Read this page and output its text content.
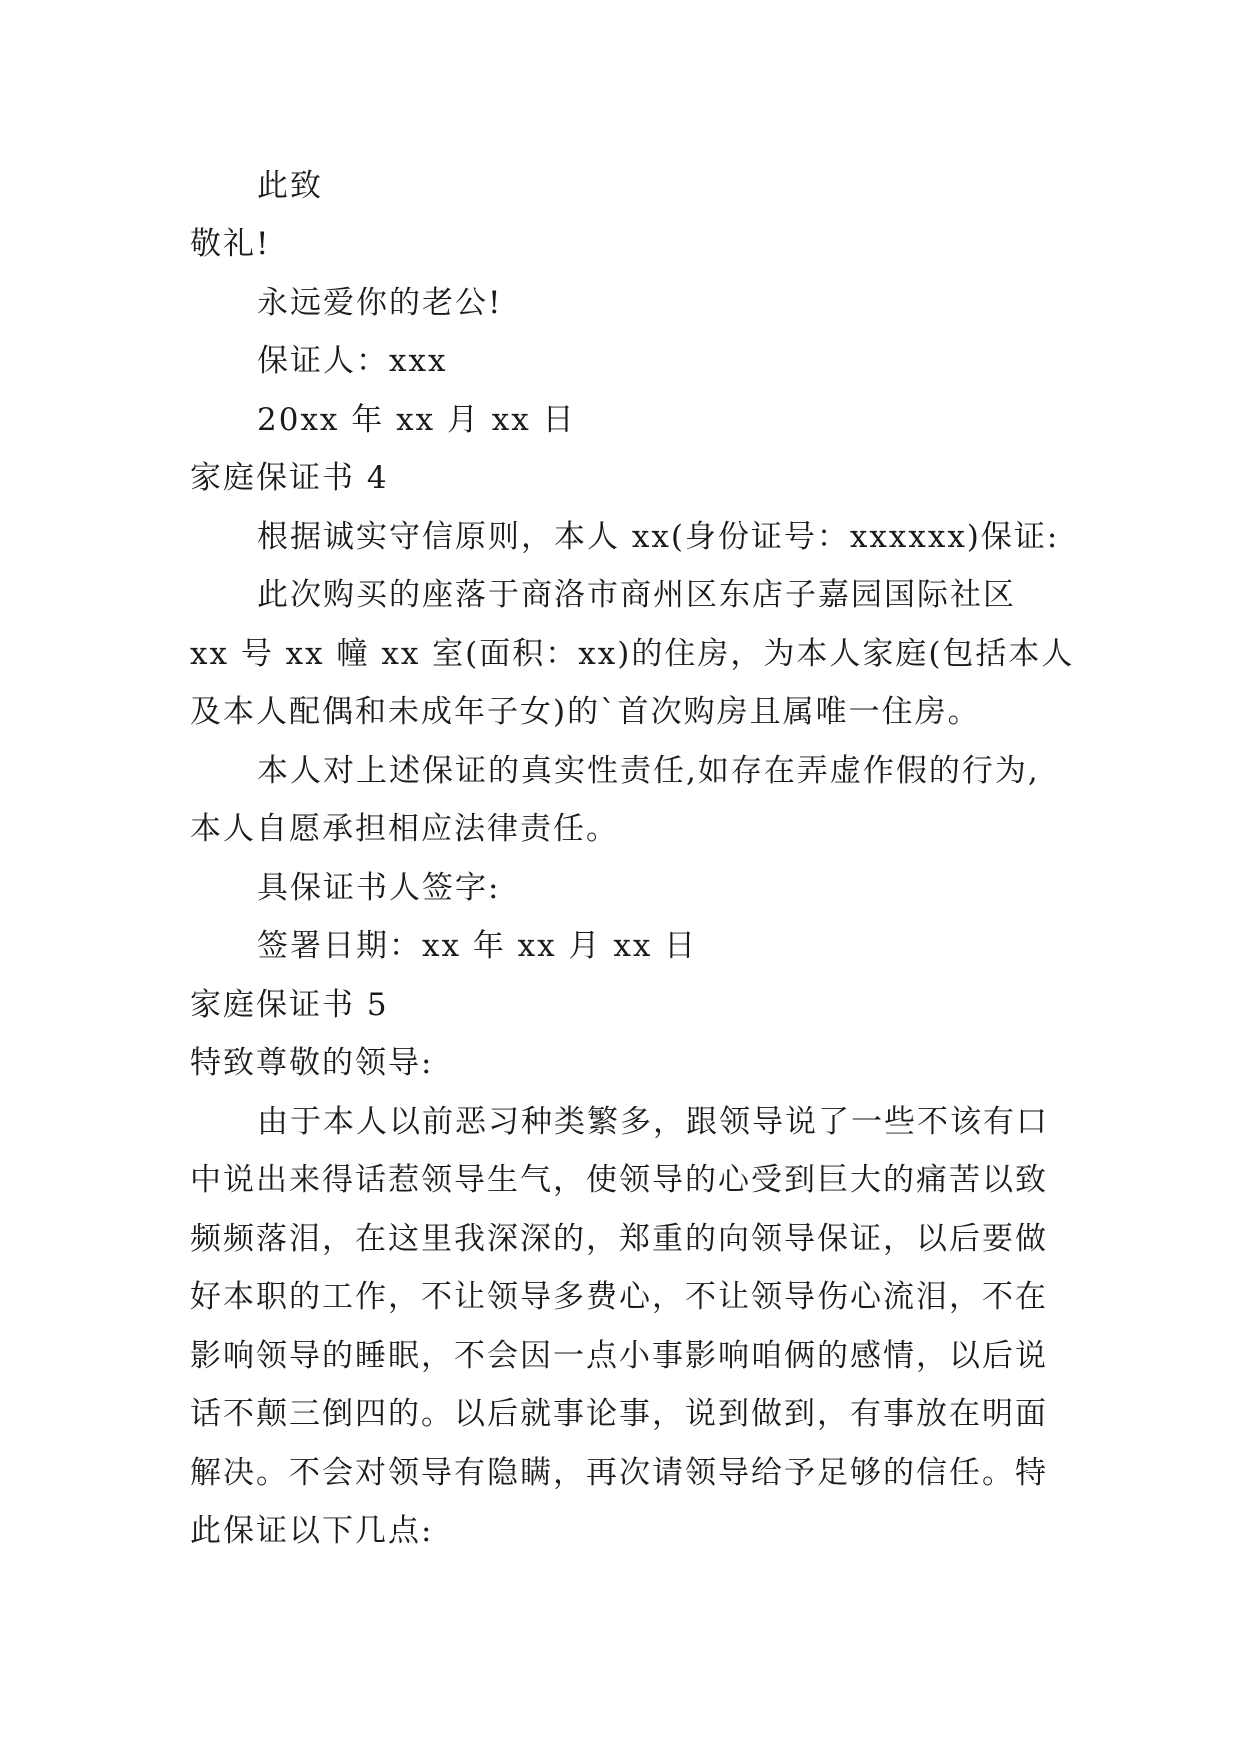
此致
敬礼!
永远爱你的老公!
保证人：xxx
20xx 年 xx 月 xx 日
家庭保证书 4
根据诚实守信原则，本人 xx(身份证号：xxxxxx)保证:
此次购买的座落于商洛市商州区东店子嘉园国际社区
xx 号 xx 幢 xx 室(面积：xx)的住房，为本人家庭(包括本人
及本人配偶和未成年子女)的`首次购房且属唯一住房。
本人对上述保证的真实性责任,如存在弄虚作假的行为,
本人自愿承担相应法律责任。
具保证书人签字:
签署日期：xx 年 xx 月 xx 日
家庭保证书 5
特致尊敬的领导:
由于本人以前恶习种类繁多，跟领导说了一些不该有口
中说出来得话惹领导生气，使领导的心受到巨大的痛苦以致
频频落泪，在这里我深深的，郑重的向领导保证，以后要做
好本职的工作，不让领导多费心，不让领导伤心流泪，不在
影响领导的睡眠，不会因一点小事影响咱俩的感情，以后说
话不颠三倒四的。以后就事论事，说到做到，有事放在明面
解决。不会对领导有隐瞒，再次请领导给予足够的信任。特
此保证以下几点:
